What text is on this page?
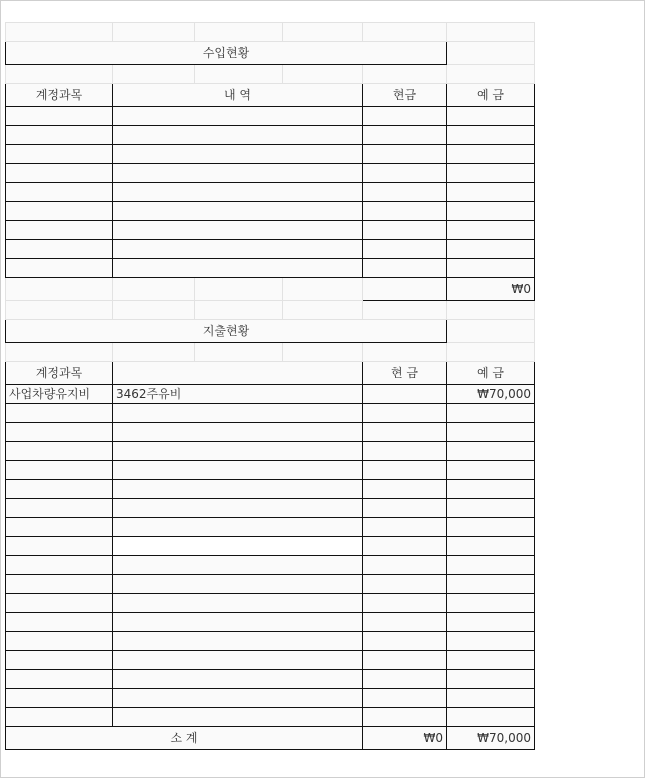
수입현황					

계정과목	내 역			현금	예 금

					₩0

지출현황					

계정과목				현 금	예 금
사업차량유지비	3462주유비				₩70,000

소 계				₩0	₩70,000
